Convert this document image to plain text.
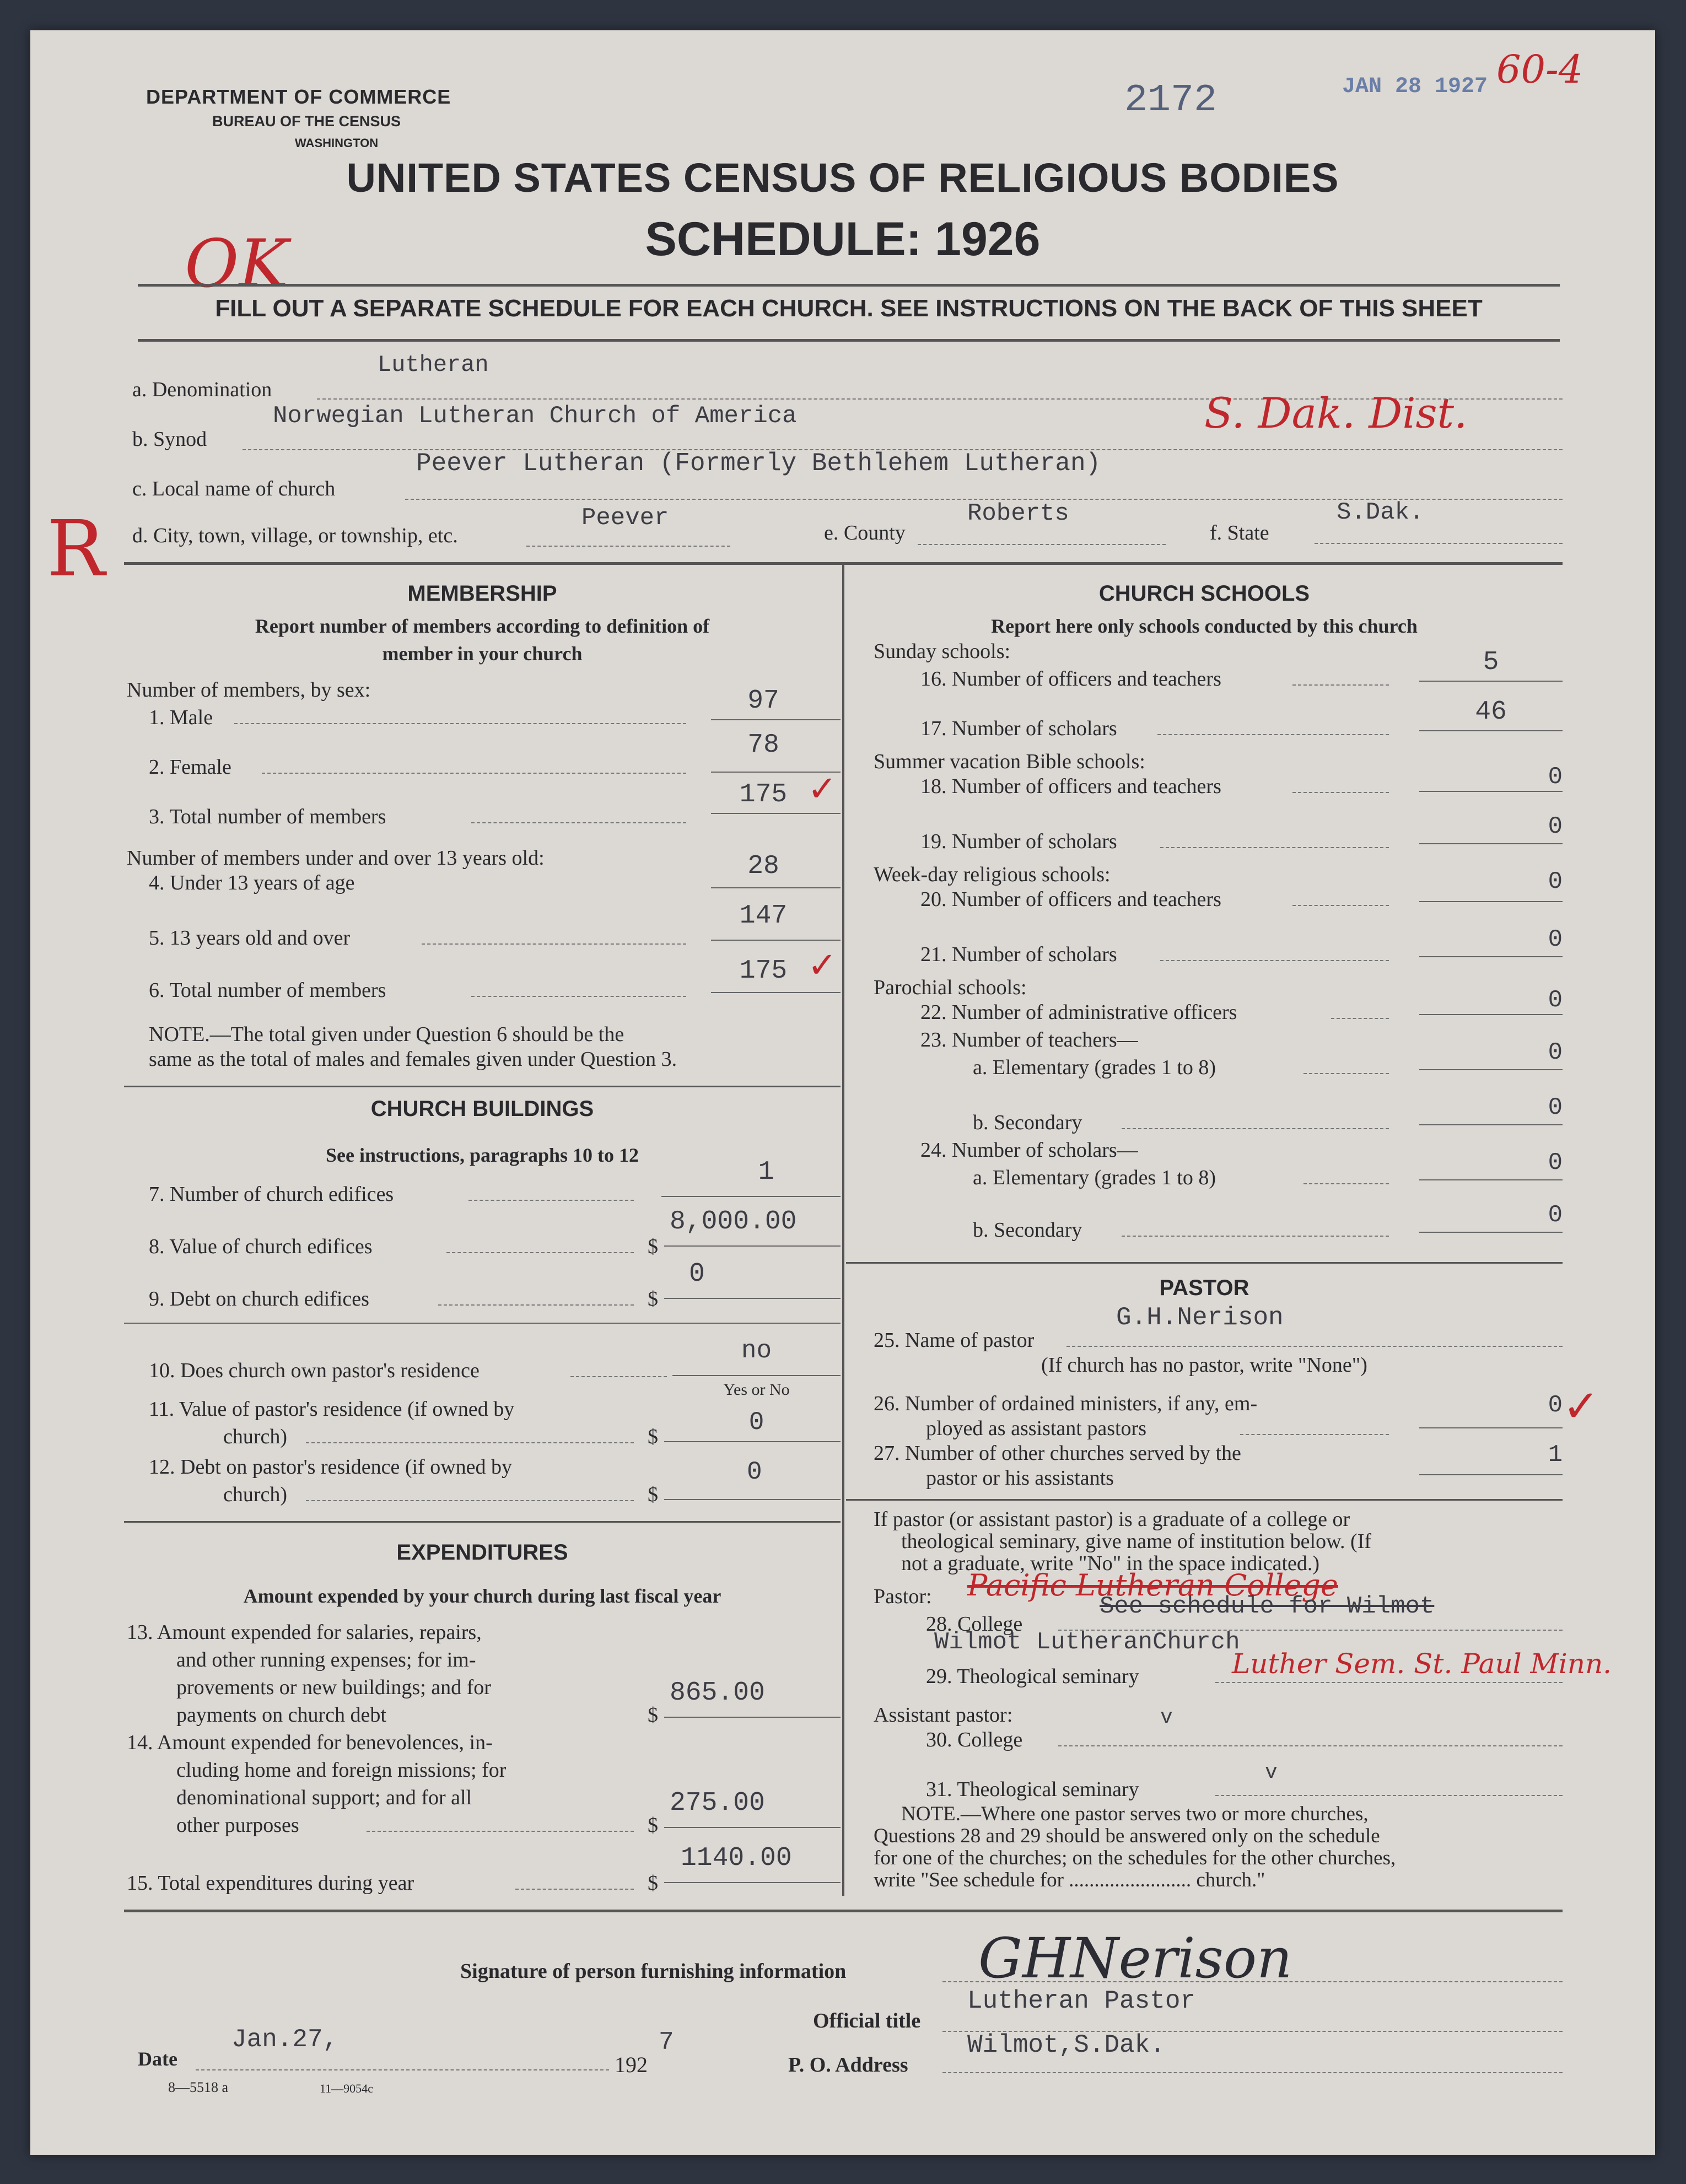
DEPARTMENT OF COMMERCE
BUREAU OF THE CENSUS
WASHINGTON
2172	JAN 28 1927 60-4
OK
R
UNITED STATES CENSUS OF RELIGIOUS BODIES
SCHEDULE: 1926
FILL OUT A SEPARATE SCHEDULE FOR EACH CHURCH. SEE INSTRUCTIONS ON THE BACK OF THIS SHEET
a. Denomination
Lutheran
b. Synod
Norwegian Lutheran Church of America	S. Dak. Dist.
c. Local name of church
Peever Lutheran (Formerly Bethlehem Lutheran)
d. City, town, village, or township, etc.
Peever
e. County
Roberts
f. State
S.Dak.
MEMBERSHIP
Report number of members according to definition of
member in your church
Number of members, by sex:
1. Male
97
2. Female
78
3. Total number of members
175 ✓
Number of members under and over 13 years old:
4. Under 13 years of age
28
5. 13 years old and over
147
6. Total number of members
175 ✓
NOTE.—The total given under Question 6 should be the
same as the total of males and females given under Question 3.
CHURCH BUILDINGS
See instructions, paragraphs 10 to 12
7. Number of church edifices
1
8. Value of church edifices	$
8,000.00
9. Debt on church edifices	$
0
10. Does church own pastor's residence
no
Yes or No
11. Value of pastor's residence (if owned by
church)	$	0
12. Debt on pastor's residence (if owned by
church)	$
0
EXPENDITURES
Amount expended by your church during last fiscal year
13. Amount expended for salaries, repairs,
and other running expenses; for im-
provements or new buildings; and for
payments on church debt	$
865.00
14. Amount expended for benevolences, in-
cluding home and foreign missions; for
denominational support; and for all
other purposes	$
275.00
15. Total expenditures during year	$
1140.00
CHURCH SCHOOLS
Report here only schools conducted by this church
Sunday schools:
16. Number of officers and teachers
5
17. Number of scholars
46
Summer vacation Bible schools:
18. Number of officers and teachers	0
19. Number of scholars
0
Week-day religious schools:
20. Number of officers and teachers
0
21. Number of scholars
0
Parochial schools:
22. Number of administrative officers	0
23. Number of teachers—
a. Elementary (grades 1 to 8)
0
b. Secondary
0
24. Number of scholars—
a. Elementary (grades 1 to 8)
0
b. Secondary
0
PASTOR
25. Name of pastor
G.H.Nerison
(If church has no pastor, write "None")
26. Number of ordained ministers, if any, em-
ployed as assistant pastors
0 ✓
27. Number of other churches served by the
pastor or his assistants
1
If pastor (or assistant pastor) is a graduate of a college or
theological seminary, give name of institution below. (If
not a graduate, write "No" in the space indicated.)
Pastor: Pacific Lutheran College
28. College
See schedule for Wilmot
Wilmot LutheranChurch
29. Theological seminary	Luther Sem. St. Paul Minn.
Assistant pastor:
30. College
v
31. Theological seminary
v
NOTE.—Where one pastor serves two or more churches,
Questions 28 and 29 should be answered only on the schedule
for one of the churches; on the schedules for the other churches,
write "See schedule for ........................ church."
Signature of person furnishing information GHNerison
Official title
Lutheran Pastor
Date
Jan.27,
192
7
P. O. Address
Wilmot,S.Dak.
8—5518 a	11—9054c
